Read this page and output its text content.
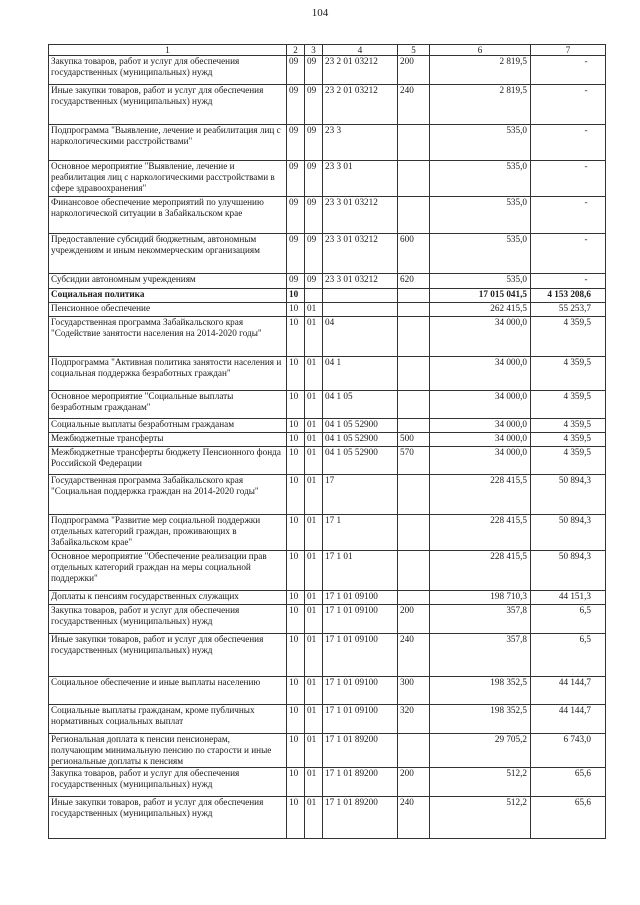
104
1	2	3	4	5	6	7
Закупка товаров, работ и услуг для обеспечения государственных (муниципальных) нужд	09	09	23 2 01 03212	200	2 819,5	-
Иные закупки товаров, работ и услуг для обеспечения государственных (муниципальных) нужд	09	09	23 2 01 03212	240	2 819,5	-
Подпрограмма "Выявление, лечение и реабилитация лиц с наркологическими расстройствами"	09	09	23 3		535,0	-
Основное мероприятие "Выявление, лечение и реабилитация лиц с наркологическими расстройствами в сфере здравоохранения"	09	09	23 3 01		535,0	-
Финансовое обеспечение мероприятий по улучшению наркологической ситуации в Забайкальском крае	09	09	23 3 01 03212		535,0	-
Предоставление субсидий бюджетным, автономным учреждениям и иным некоммерческим организациям	09	09	23 3 01 03212	600	535,0	-
Субсидии автономным учреждениям	09	09	23 3 01 03212	620	535,0	-
Социальная политика	10				17 015 041,5	4 153 208,6
Пенсионное обеспечение	10	01			262 415,5	55 253,7
Государственная программа Забайкальского края "Содействие занятости населения на 2014-2020 годы"	10	01	04		34 000,0	4 359,5
Подпрограмма "Активная политика занятости населения и социальная поддержка безработных граждан"	10	01	04 1		34 000,0	4 359,5
Основное мероприятие "Социальные выплаты безработным гражданам"	10	01	04 1 05		34 000,0	4 359,5
Социальные выплаты безработным гражданам	10	01	04 1 05 52900		34 000,0	4 359,5
Межбюджетные трансферты	10	01	04 1 05 52900	500	34 000,0	4 359,5
Межбюджетные трансферты бюджету Пенсионного фонда Российской Федерации	10	01	04 1 05 52900	570	34 000,0	4 359,5
Государственная программа Забайкальского края "Социальная поддержка граждан на 2014-2020 годы"	10	01	17		228 415,5	50 894,3
Подпрограмма "Развитие мер социальной поддержки отдельных категорий граждан, проживающих в Забайкальском крае"	10	01	17 1		228 415,5	50 894,3
Основное мероприятие "Обеспечение реализации прав отдельных категорий граждан на меры социальной поддержки"	10	01	17 1 01		228 415,5	50 894,3
Доплаты к пенсиям государственных служащих	10	01	17 1 01 09100		198 710,3	44 151,3
Закупка товаров, работ и услуг для обеспечения государственных (муниципальных) нужд	10	01	17 1 01 09100	200	357,8	6,5
Иные закупки товаров, работ и услуг для обеспечения государственных (муниципальных) нужд	10	01	17 1 01 09100	240	357,8	6,5
Социальное обеспечение и иные выплаты населению	10	01	17 1 01 09100	300	198 352,5	44 144,7
Социальные выплаты гражданам, кроме публичных нормативных социальных выплат	10	01	17 1 01 09100	320	198 352,5	44 144,7
Региональная доплата к пенсии пенсионерам, получающим минимальную пенсию по старости и иные региональные доплаты к пенсиям	10	01	17 1 01 89200		29 705,2	6 743,0
Закупка товаров, работ и услуг для обеспечения государственных (муниципальных) нужд	10	01	17 1 01 89200	200	512,2	65,6
Иные закупки товаров, работ и услуг для обеспечения государственных (муниципальных) нужд	10	01	17 1 01 89200	240	512,2	65,6
